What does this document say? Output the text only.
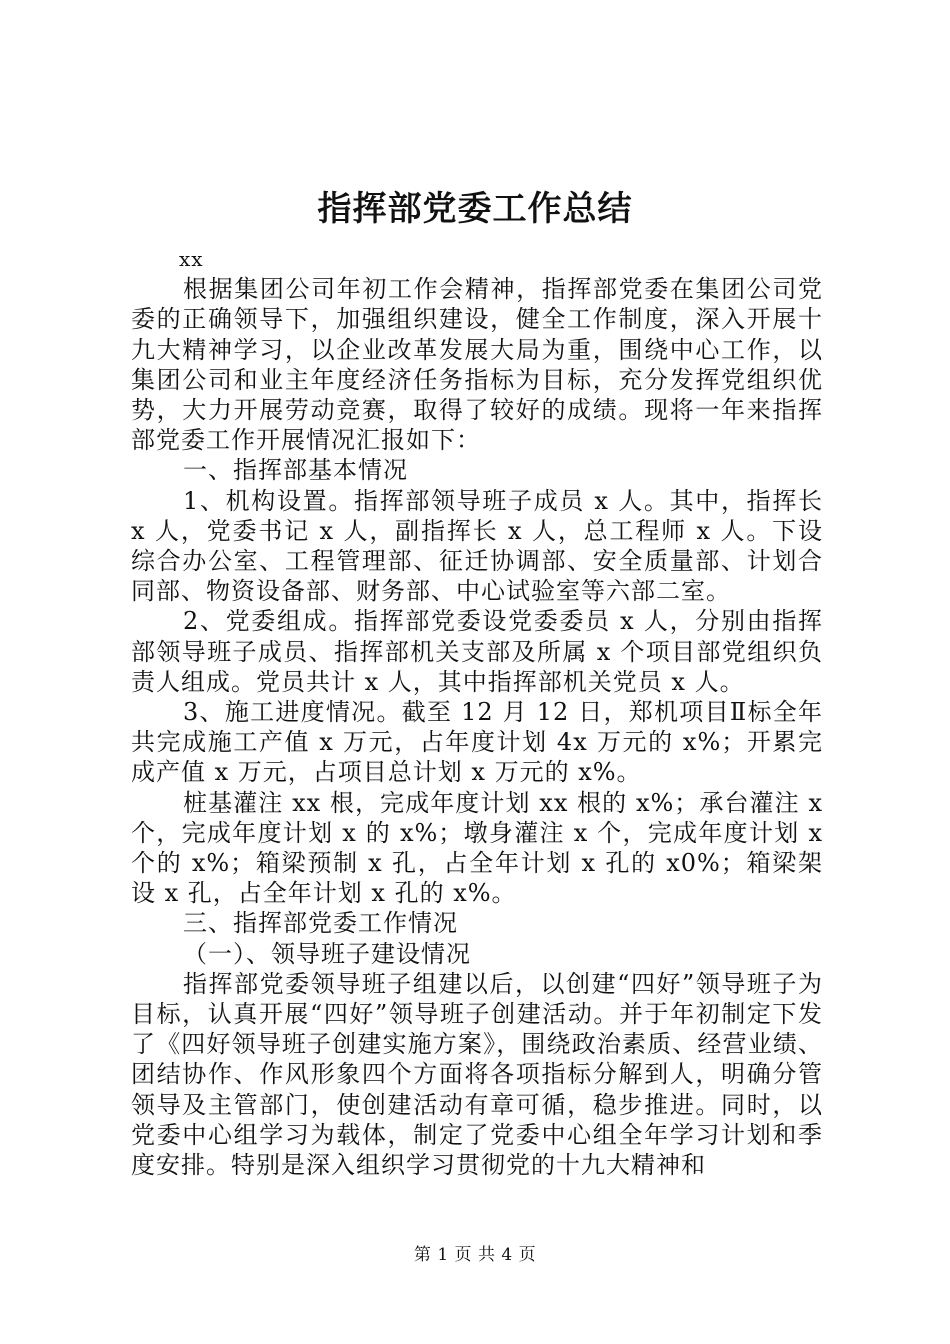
指挥部党委工作总结

xx

根据集团公司年初工作会精神，指挥部党委在集团公司党委的正确领导下，加强组织建设，健全工作制度，深入开展十九大精神学习，以企业改革发展大局为重，围绕中心工作，以集团公司和业主年度经济任务指标为目标，充分发挥党组织优势，大力开展劳动竞赛，取得了较好的成绩。现将一年来指挥部党委工作开展情况汇报如下：

一、指挥部基本情况

1、机构设置。指挥部领导班子成员 x 人。其中，指挥长 x 人，党委书记 x 人，副指挥长 x 人，总工程师 x 人。下设综合办公室、工程管理部、征迁协调部、安全质量部、计划合同部、物资设备部、财务部、中心试验室等六部二室。

2、党委组成。指挥部党委设党委委员 x 人，分别由指挥部领导班子成员、指挥部机关支部及所属 x 个项目部党组织负责人组成。党员共计 x 人，其中指挥部机关党员 x 人。

3、施工进度情况。截至 12 月 12 日，郑机项目Ⅱ标全年共完成施工产值 x 万元，占年度计划 4x 万元的 x%；开累完成产值 x 万元，占项目总计划 x 万元的 x%。

桩基灌注 xx 根，完成年度计划 xx 根的 x%；承台灌注 x 个，完成年度计划 x 的 x%；墩身灌注 x 个，完成年度计划 x 个的 x%；箱梁预制 x 孔，占全年计划 x 孔的 x0%；箱梁架设 x 孔，占全年计划 x 孔的 x%。

三、指挥部党委工作情况

（一）、领导班子建设情况

指挥部党委领导班子组建以后，以创建“四好”领导班子为目标，认真开展“四好”领导班子创建活动。并于年初制定下发了《四好领导班子创建实施方案》，围绕政治素质、经营业绩、团结协作、作风形象四个方面将各项指标分解到人，明确分管领导及主管部门，使创建活动有章可循，稳步推进。同时，以党委中心组学习为载体，制定了党委中心组全年学习计划和季度安排。特别是深入组织学习贯彻党的十九大精神和

第 1 页 共 4 页
